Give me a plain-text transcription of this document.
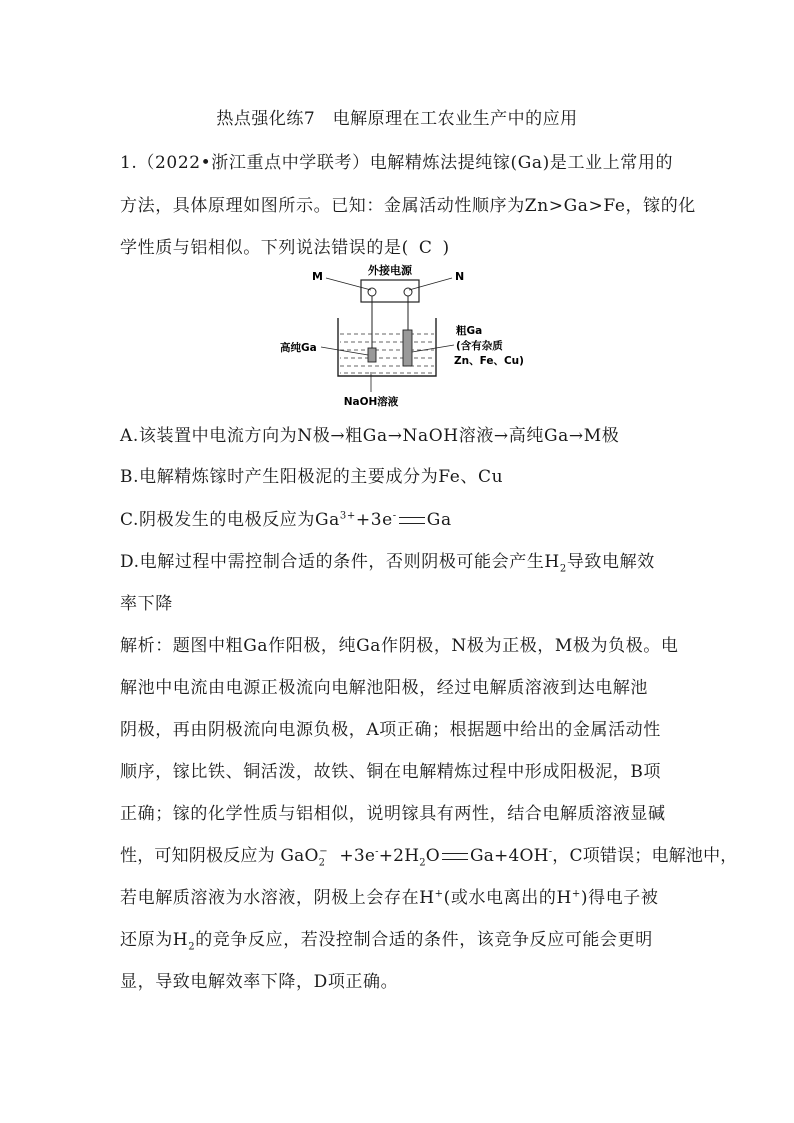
热点强化练7　电解原理在工农业生产中的应用
1.（2022•浙江重点中学联考）电解精炼法提纯镓(Ga)是工业上常用的
方法，具体原理如图所示。已知：金属活动性顺序为Zn>Ga>Fe，镓的化
学性质与铝相似。下列说法错误的是( C )
外接电源
M	N
高纯Ga
粗Ga
(含有杂质
Zn、Fe、Cu)
NaOH溶液
A.该装置中电流方向为N极→粗Ga→NaOH溶液→高纯Ga→M极
B.电解精炼镓时产生阳极泥的主要成分为Fe、Cu
C.阴极发生的电极反应为$Ga^{3+}+3e^-$ Ga
D.电解过程中需控制合适的条件，否则阴极可能会产生$H_2$导致电解效
率下降
解析：题图中粗Ga作阳极，纯Ga作阴极，N极为正极，M极为负极。电
解池中电流由电源正极流向电解池阳极，经过电解质溶液到达电解池
阴极，再由阴极流向电源负极，A项正确；根据题中给出的金属活动性
顺序，镓比铁、铜活泼，故铁、铜在电解精炼过程中形成阳极泥，B项
正确；镓的化学性质与铝相似，说明镓具有两性，结合电解质溶液显碱
性，可知阴极反应为 $GaO_2^- +3e^-+2H_2O$ Ga+4OH-，C项错误；电解池中，
若电解质溶液为水溶液，阴极上会存在H+(或水电离出的H+)得电子被
还原为$H_2$的竞争反应，若没控制合适的条件，该竞争反应可能会更明
显，导致电解效率下降，D项正确。
